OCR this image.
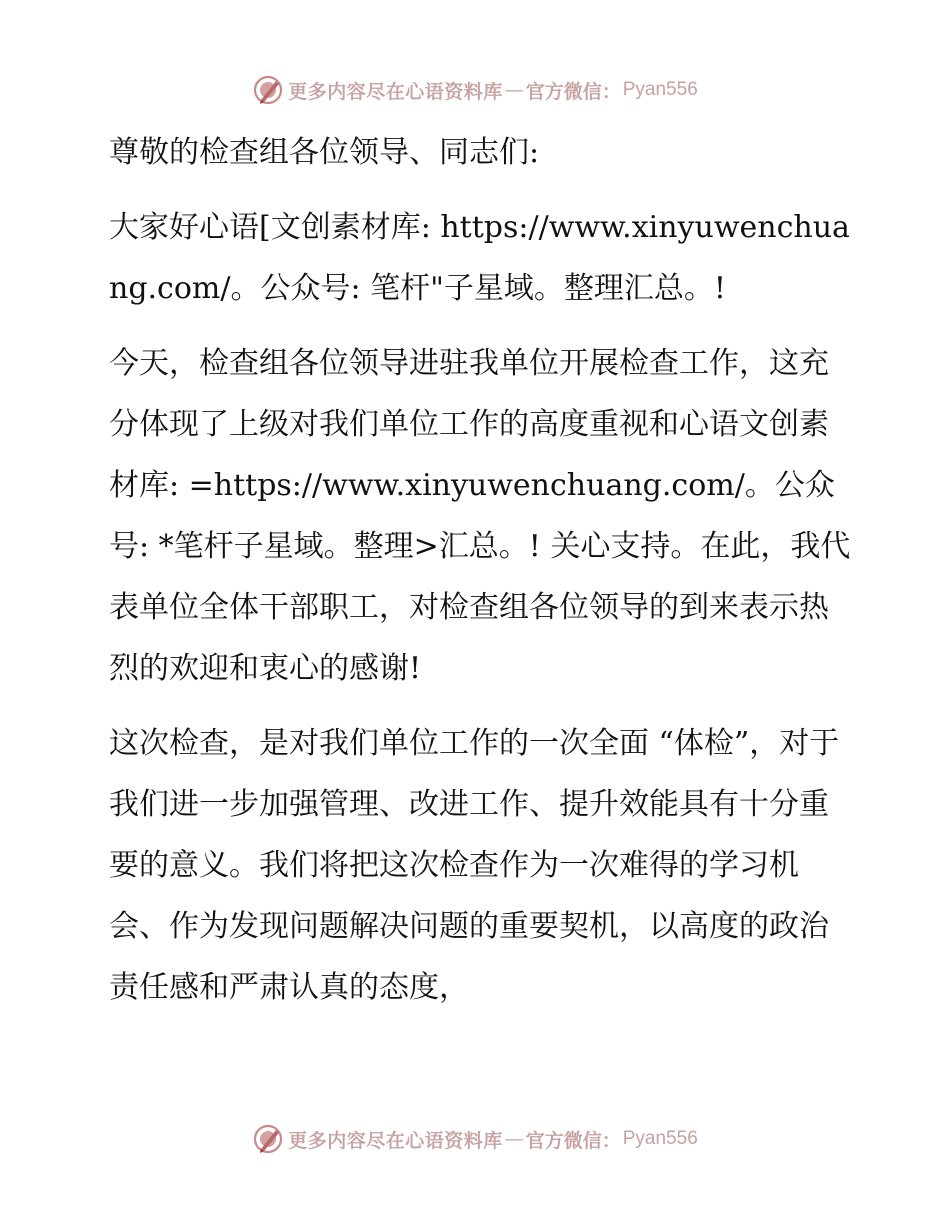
更多内容尽在心语资料库 — 官方微信： Pyan556

尊敬的检查组各位领导、同志们:

大家好心语[文创素材库: https://www.xinyuwenchuang.com/。公众号: 笔杆"子星域。整理汇总。!

今天，检查组各位领导进驻我单位开展检查工作，这充分体现了上级对我们单位工作的高度重视和心语文创素材库: =https://www.xinyuwenchuang.com/。公众号: *笔杆子星域。整理>汇总。! 关心支持。在此，我代表单位全体干部职工，对检查组各位领导的到来表示热烈的欢迎和衷心的感谢!

这次检查，是对我们单位工作的一次全面 “体检”，对于我们进一步加强管理、改进工作、提升效能具有十分重要的意义。我们将把这次检查作为一次难得的学习机会、作为发现问题解决问题的重要契机，以高度的政治责任感和严肃认真的态度，

更多内容尽在心语资料库 — 官方微信： Pyan556
